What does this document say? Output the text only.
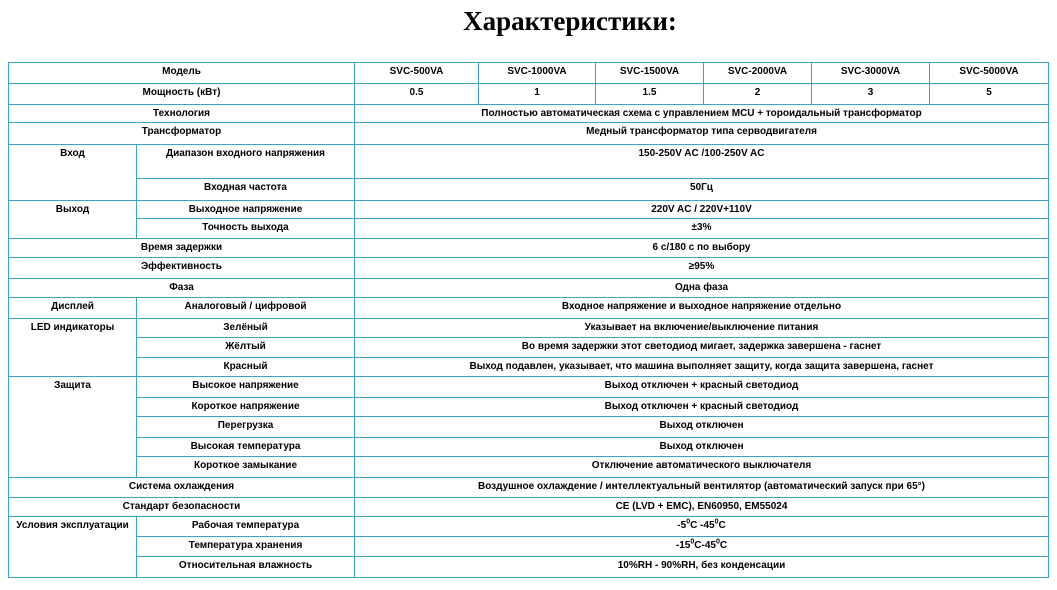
Характеристики:
Модель		SVC-500VA	SVC-1000VA	SVC-1500VA	SVC-2000VA	SVC-3000VA	SVC-5000VA
Мощность (кВт)		0.5	1	1.5	2	3	5
Технология		Полностью автоматическая схема с управлением MCU + тороидальный трансформатор					
Трансформатор		Медный трансформатор типа серводвигателя					
Вход	Диапазон входного напряжения	150-250V AC /100-250V AC					
	Входная частота	50Гц					
Выход	Выходное напряжение	220V AC / 220V+110V					
	Точность выхода	±3%					
Время задержки		6 с/180 с по выбору					
Эффективность		≥95%					
Фаза		Одна фаза					
Дисплей	Аналоговый / цифровой	Входное напряжение и выходное напряжение отдельно					
LED индикаторы	Зелёный	Указывает на включение/выключение питания					
	Жёлтый	Во время задержки этот светодиод мигает, задержка завершена - гаснет					
	Красный	Выход подавлен, указывает, что машина выполняет защиту, когда защита завершена, гаснет					
Защита	Высокое напряжение	Выход отключен + красный светодиод					
	Короткое напряжение	Выход отключен + красный светодиод					
	Перегрузка	Выход отключен					
	Высокая температура	Выход отключен					
	Короткое замыкание	Отключение автоматического выключателя					
Система охлаждения		Воздушное охлаждение / интеллектуальный вентилятор (автоматический запуск при 65°)					
Стандарт безопасности		CE (LVD + EMC), EN60950, EM55024					
Условия эксплуатации	Рабочая температура	$-5^0С$ $-45^0С$					
	Температура хранения	$-15^0С-45^0С$					
	Относительная влажность	10%RH - 90%RH, без конденсации					
